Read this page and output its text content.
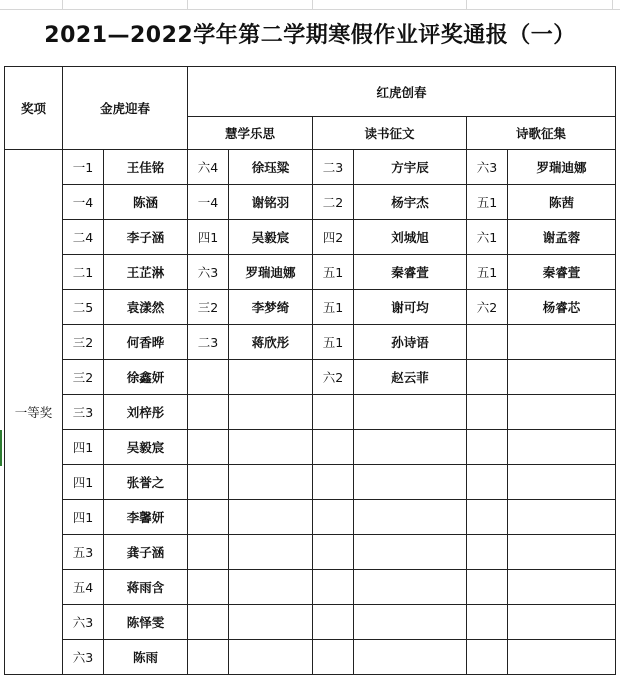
2021—2022学年第二学期寒假作业评奖通报（一）
奖项	金虎迎春		红虎创春					
			慧学乐思		读书征文		诗歌征集	
一等奖	一1	王佳铭	六4	徐珏粱	二3	方宇辰	六3	罗瑞迪娜
	一4	陈涵	一4	谢铭羽	二2	杨宇杰	五1	陈茜
	二4	李子涵	四1	吴毅宸	四2	刘城旭	六1	谢孟蓉
	二1	王芷淋	六3	罗瑞迪娜	五1	秦睿萱	五1	秦睿萱
	二5	袁漾然	三2	李梦绮	五1	谢可均	六2	杨睿芯
	三2	何香晔	二3	蒋欣彤	五1	孙诗语		
	三2	徐鑫妍			六2	赵云菲		
	三3	刘梓彤						
	四1	吴毅宸						
	四1	张誉之						
	四1	李馨妍						
	五3	龚子涵						
	五4	蒋雨含						
	六3	陈怿雯						
	六3	陈雨						
